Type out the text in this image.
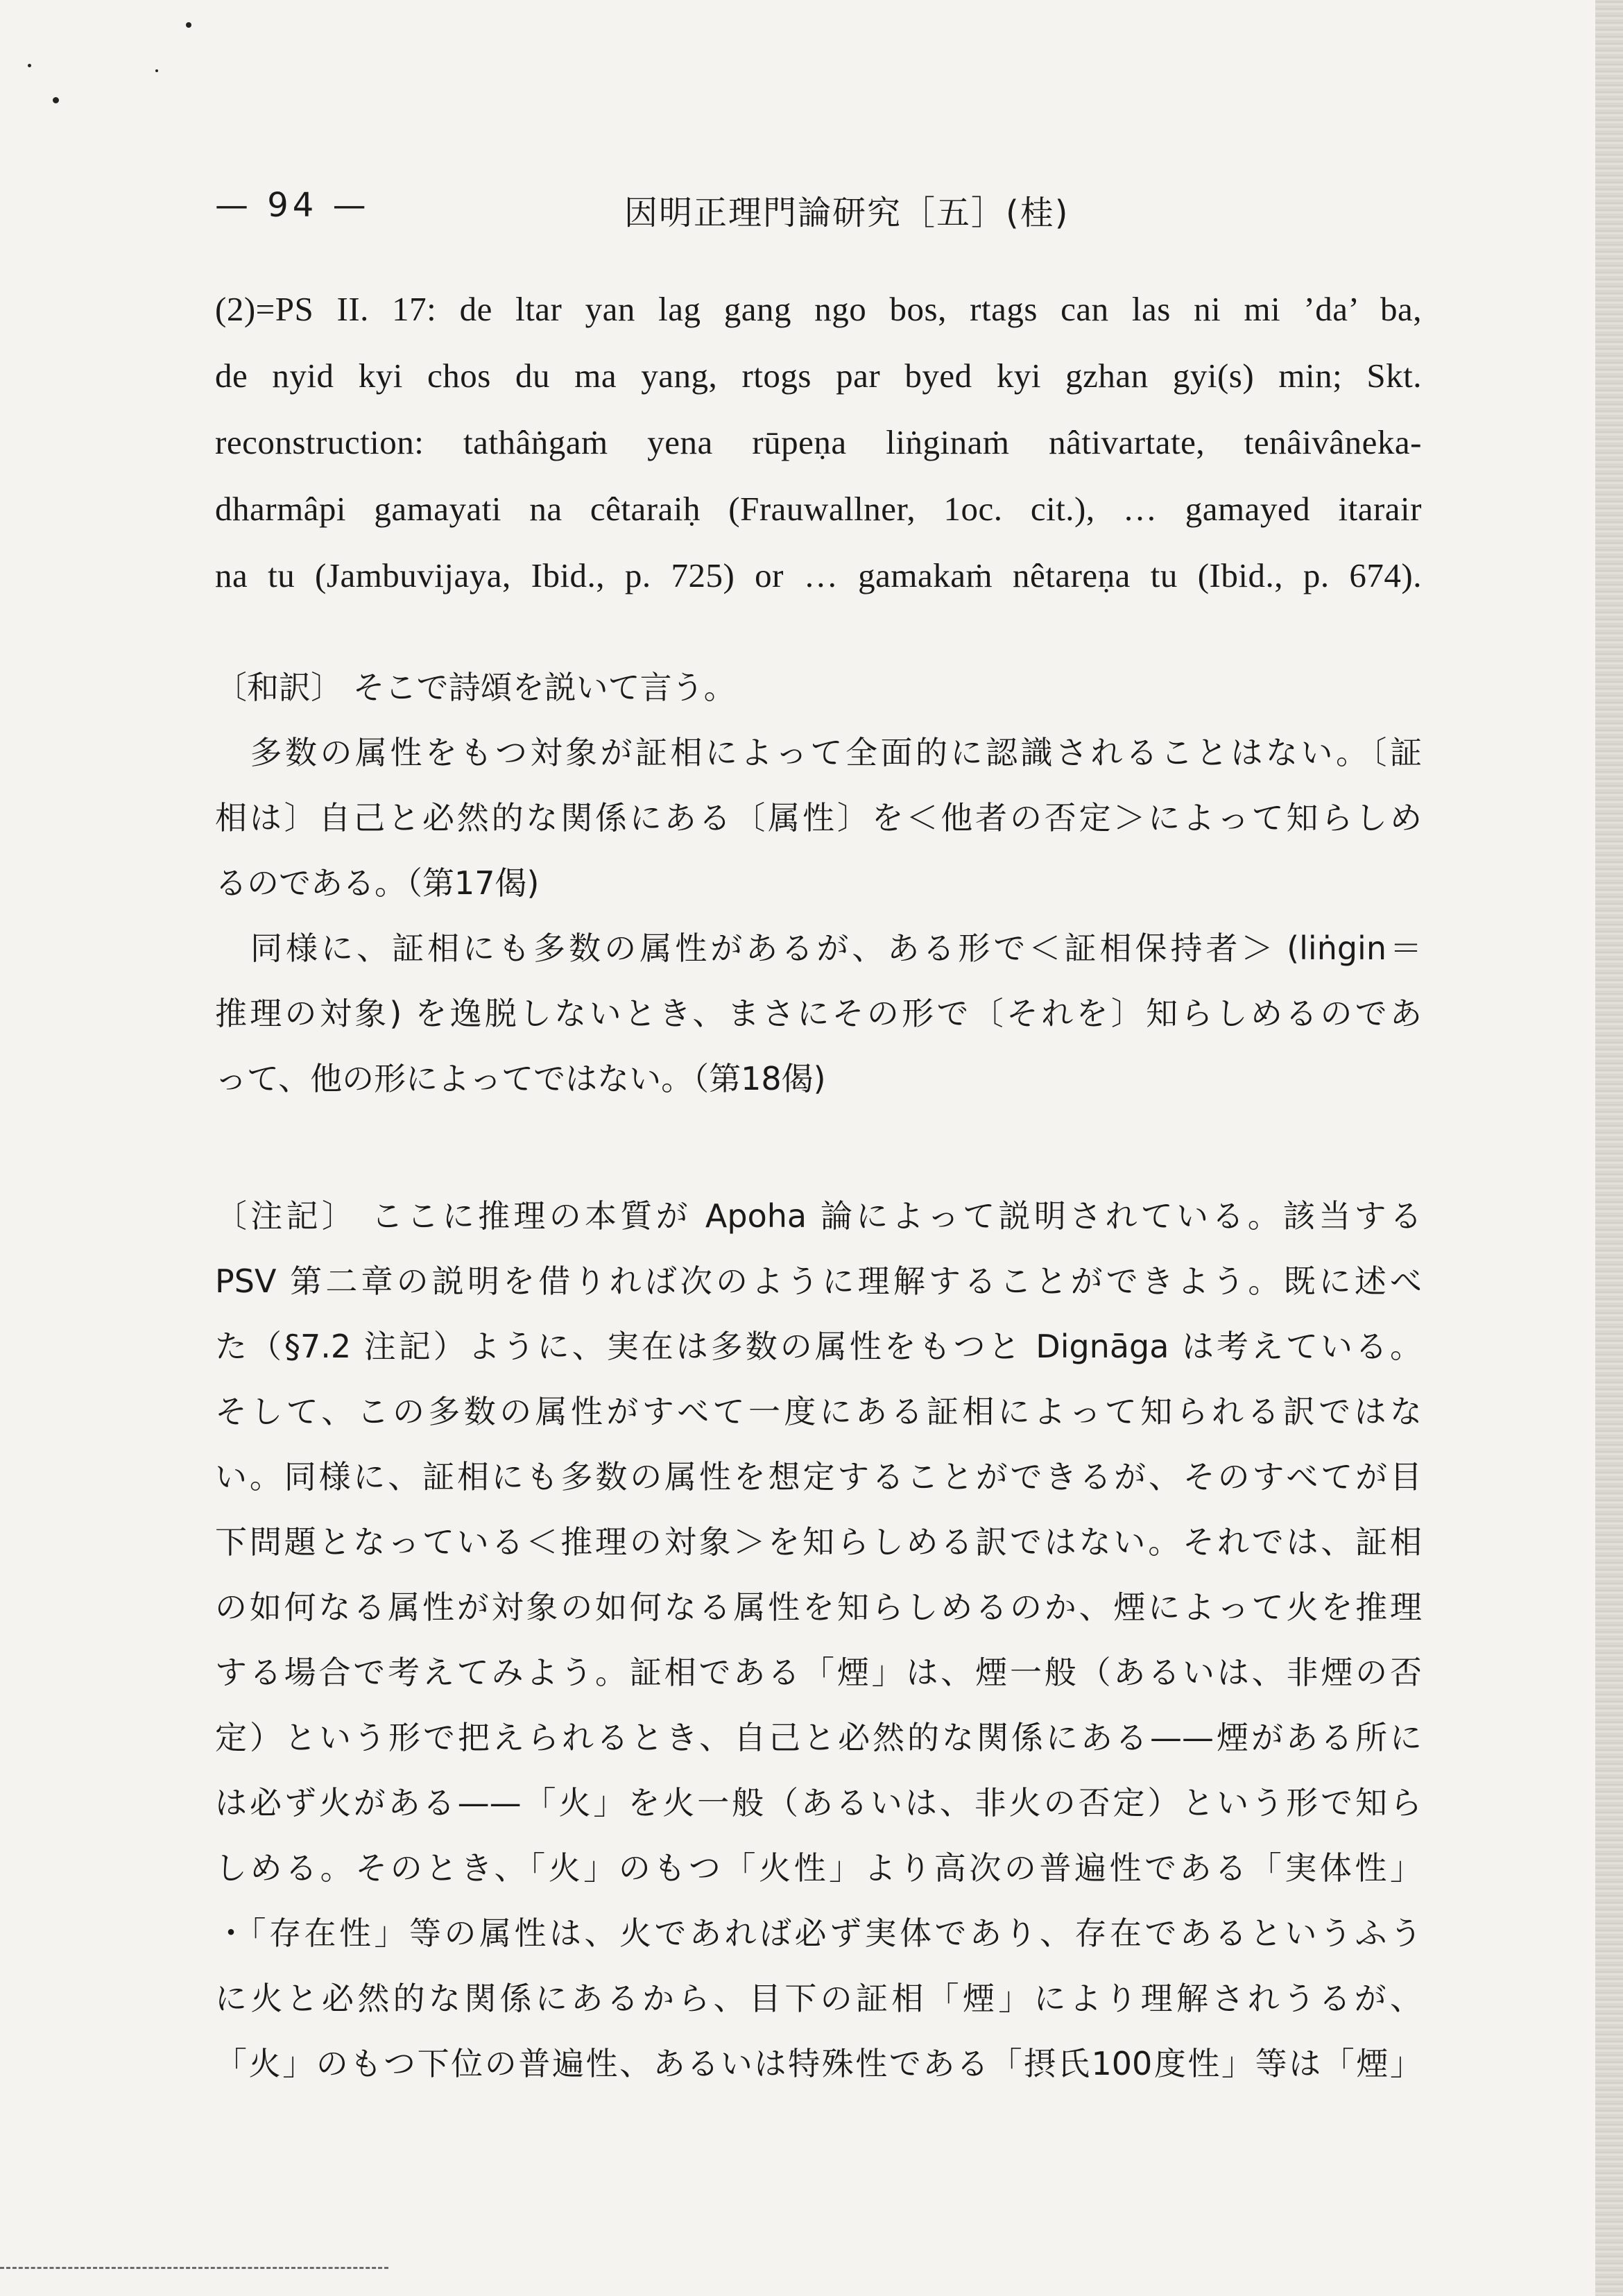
— 94 —	因明正理門論研究［五］(桂)
(2)=PS II. 17: de ltar yan lag gang ngo bos, rtags can las ni mi ’da’ ba,
de nyid kyi chos du ma yang, rtogs par byed kyi gzhan gyi(s) min; Skt.
reconstruction: tathâṅgaṁ yena rūpeṇa liṅginaṁ nâtivartate, tenâivâneka-
dharmâpi gamayati na cêtaraiḥ (Frauwallner, 1oc. cit.), … gamayed itarair
na tu (Jambuvijaya, Ibid., p. 725) or … gamakaṁ nêtareṇa tu (Ibid., p. 674).
〔和訳〕 そこで詩頌を説いて言う。
　多数の属性をもつ対象が証相によって全面的に認識されることはない。〔証
相は〕自己と必然的な関係にある〔属性〕を＜他者の否定＞によって知らしめ
るのである。（第17偈)
　同様に、証相にも多数の属性があるが、ある形で＜証相保持者＞ (liṅgin＝
推理の対象) を逸脱しないとき、まさにその形で〔それを〕知らしめるのであ
って、他の形によってではない。（第18偈)
〔注記〕 ここに推理の本質が Apoha 論によって説明されている。該当する
PSV 第二章の説明を借りれば次のように理解することができよう。既に述べ
た（§7.2 注記）ように、実在は多数の属性をもつと Dignāga は考えている。
そして、この多数の属性がすべて一度にある証相によって知られる訳ではな
い。同様に、証相にも多数の属性を想定することができるが、そのすべてが目
下問題となっている＜推理の対象＞を知らしめる訳ではない。それでは、証相
の如何なる属性が対象の如何なる属性を知らしめるのか、煙によって火を推理
する場合で考えてみよう。証相である「煙」は、煙一般（あるいは、非煙の否
定）という形で把えられるとき、自己と必然的な関係にある——煙がある所に
は必ず火がある——「火」を火一般（あるいは、非火の否定）という形で知ら
しめる。そのとき、「火」のもつ「火性」より高次の普遍性である「実体性」
・「存在性」等の属性は、火であれば必ず実体であり、存在であるというふう
に火と必然的な関係にあるから、目下の証相「煙」により理解されうるが、
「火」のもつ下位の普遍性、あるいは特殊性である「摂氏100度性」等は「煙」
